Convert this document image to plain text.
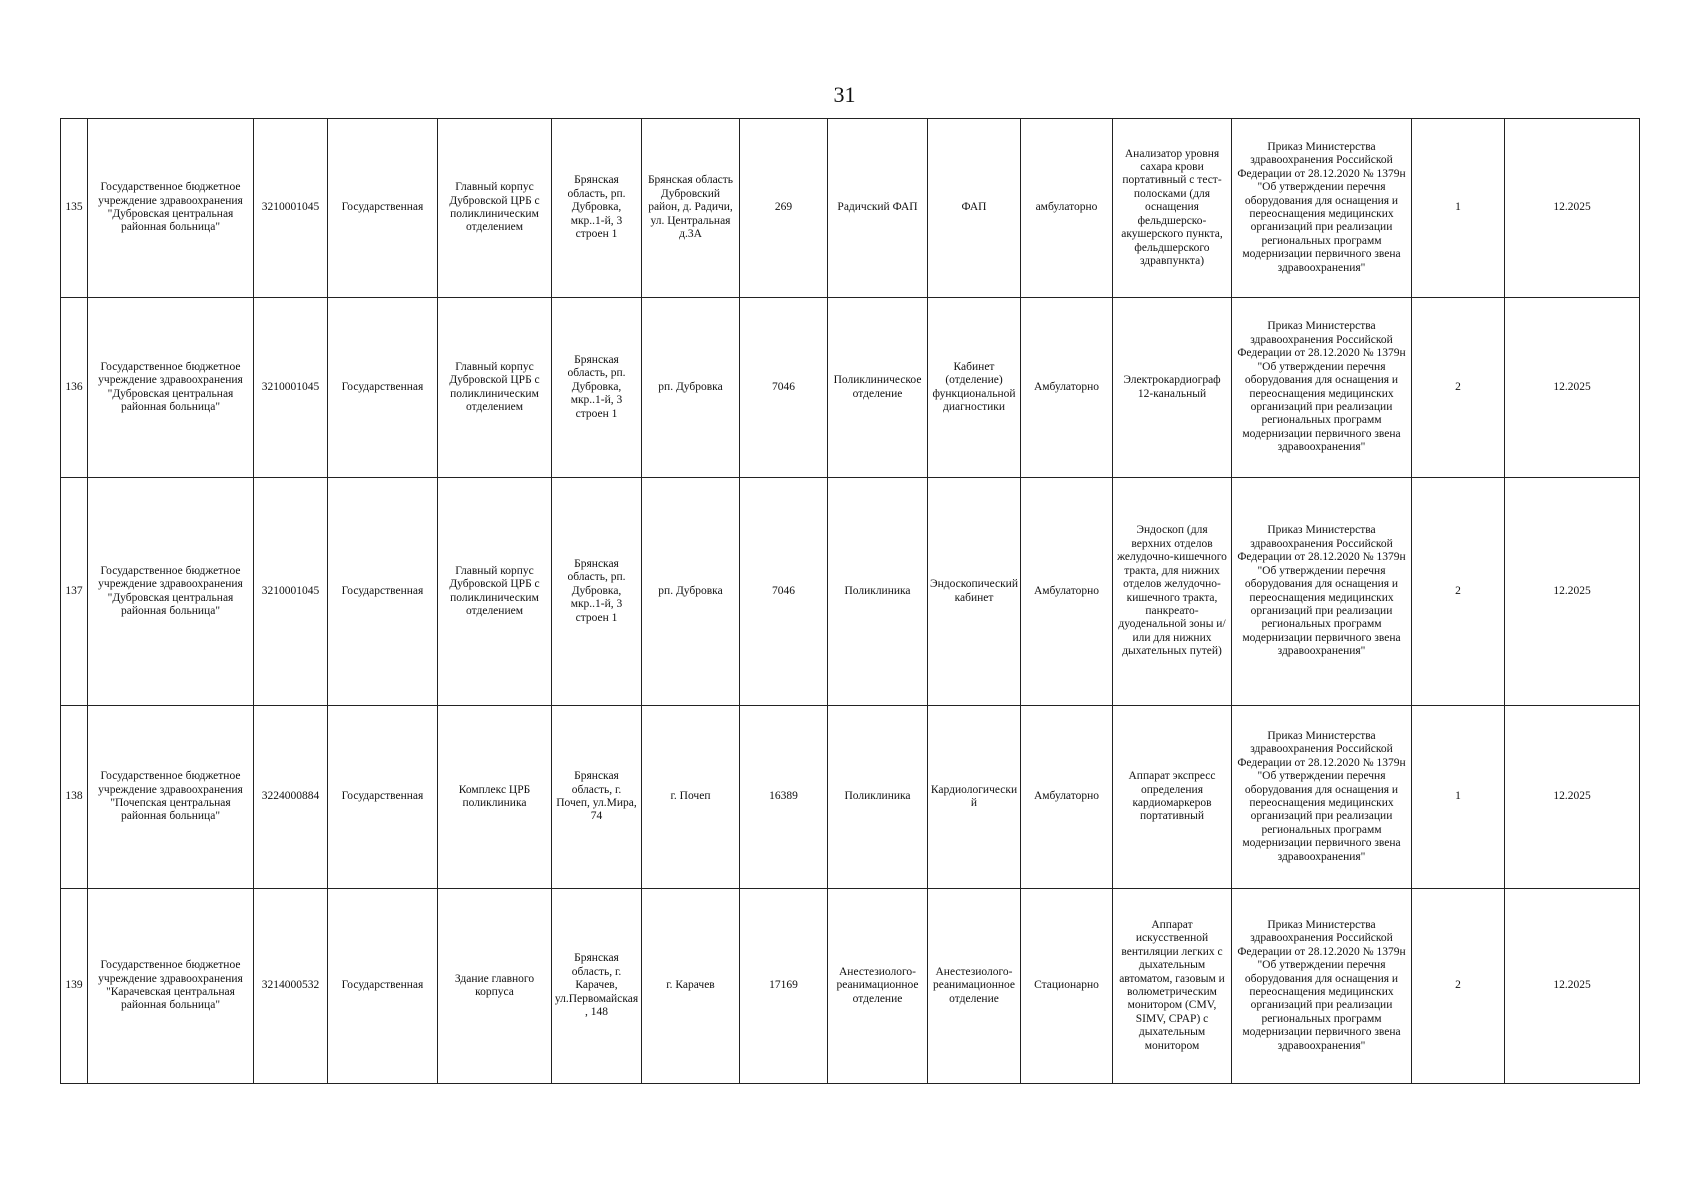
31
135	Государственное бюджетное учреждение здравоохранения "Дубровская центральная районная больница"	3210001045	Государственная	Главный корпус Дубровской ЦРБ с поликлиническим отделением	Брянская область, рп. Дубровка, мкр..1-й, 3 строен 1	Брянская область Дубровский район, д. Радичи, ул. Центральная д.3А	269	Радичский ФАП	ФАП	амбулаторно	Анализатор уровня сахара крови портативный с тест-полосками (для оснащения фельдшерско-акушерского пункта, фельдшерского здравпункта)	Приказ Министерства здравоохранения Российской Федерации от 28.12.2020 № 1379н "Об утверждении перечня оборудования для оснащения и переоснащения медицинских организаций при реализации региональных программ модернизации первичного звена здравоохранения"	1	12.2025
136	Государственное бюджетное учреждение здравоохранения "Дубровская центральная районная больница"	3210001045	Государственная	Главный корпус Дубровской ЦРБ с поликлиническим отделением	Брянская область, рп. Дубровка, мкр..1-й, 3 строен 1	рп. Дубровка	7046	Поликлиническое отделение	Кабинет (отделение) функциональной диагностики	Амбулаторно	Электрокардиограф 12-канальный	Приказ Министерства здравоохранения Российской Федерации от 28.12.2020 № 1379н "Об утверждении перечня оборудования для оснащения и переоснащения медицинских организаций при реализации региональных программ модернизации первичного звена здравоохранения"	2	12.2025
137	Государственное бюджетное учреждение здравоохранения "Дубровская центральная районная больница"	3210001045	Государственная	Главный корпус Дубровской ЦРБ с поликлиническим отделением	Брянская область, рп. Дубровка, мкр..1-й, 3 строен 1	рп. Дубровка	7046	Поликлиника	Эндоскопический кабинет	Амбулаторно	Эндоскоп (для верхних отделов желудочно-кишечного тракта, для нижних отделов желудочно-кишечного тракта, панкреато-дуоденальной зоны и/или для нижних дыхательных путей)	Приказ Министерства здравоохранения Российской Федерации от 28.12.2020 № 1379н "Об утверждении перечня оборудования для оснащения и переоснащения медицинских организаций при реализации региональных программ модернизации первичного звена здравоохранения"	2	12.2025
138	Государственное бюджетное учреждение здравоохранения "Почепская центральная районная больница"	3224000884	Государственная	Комплекс ЦРБ поликлиника	Брянская область, г. Почеп, ул.Мира, 74	г. Почеп	16389	Поликлиника	Кардиологический	Амбулаторно	Аппарат экспресс определения кардиомаркеров портативный	Приказ Министерства здравоохранения Российской Федерации от 28.12.2020 № 1379н "Об утверждении перечня оборудования для оснащения и переоснащения медицинских организаций при реализации региональных программ модернизации первичного звена здравоохранения"	1	12.2025
139	Государственное бюджетное учреждение здравоохранения "Карачевская центральная районная больница"	3214000532	Государственная	Здание главного корпуса	Брянская область, г. Карачев, ул.Первомайская, 148	г. Карачев	17169	Анестезиолого-реанимационное отделение	Анестезиолого-реанимационное отделение	Стационарно	Аппарат искусственной вентиляции легких с дыхательным автоматом, газовым и волюметрическим монитором (CMV, SIMV, CPAP) с дыхательным монитором	Приказ Министерства здравоохранения Российской Федерации от 28.12.2020 № 1379н "Об утверждении перечня оборудования для оснащения и переоснащения медицинских организаций при реализации региональных программ модернизации первичного звена здравоохранения"	2	12.2025
